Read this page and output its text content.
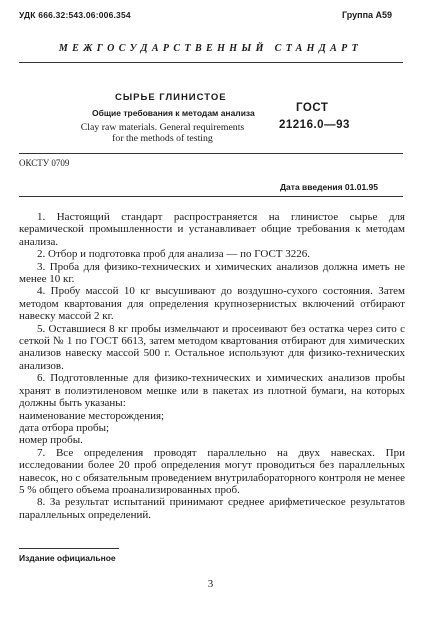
УДК 666.32:543.06:006.354	Группа А59
МЕЖГОСУДАРСТВЕННЫЙ СТАНДАРТ
СЫРЬЕ ГЛИНИСТОЕ
Общие требования к методам анализа
Clay raw materials. General requirements
for the methods of testing
ГОСТ
21216.0—93
ОКСТУ 0709
Дата введения 01.01.95

1. Настоящий стандарт распространяется на глинистое сырье для керамической промышленности и устанавливает общие требования к методам анализа.

2. Отбор и подготовка проб для анализа — по ГОСТ 3226.

3. Проба для физико-технических и химических анализов должна иметь не менее 10 кг.

4. Пробу массой 10 кг высушивают до воздушно-сухого состояния. Затем методом квартования для определения крупнозернистых включений отбирают навеску массой 2 кг.

5. Оставшиеся 8 кг пробы измельчают и просеивают без остатка через сито с сеткой № 1 по ГОСТ 6613, затем методом квартования отбирают для химических анализов навеску массой 500 г. Остальное используют для физико-технических анализов.

6. Подготовленные для физико-технических и химических анализов пробы хранят в полиэтиленовом мешке или в пакетах из плотной бумаги, на которых должны быть указаны:

наименование месторождения;

дата отбора пробы;

номер пробы.

7. Все определения проводят параллельно на двух навесках. При исследовании более 20 проб определения могут проводиться без параллельных навесок, но с обязательным проведением внутрилабораторного контроля не менее 5 % общего объема проанализированных проб.

8. За результат испытаний принимают среднее арифметическое результатов параллельных определений.

Издание официальное
3
